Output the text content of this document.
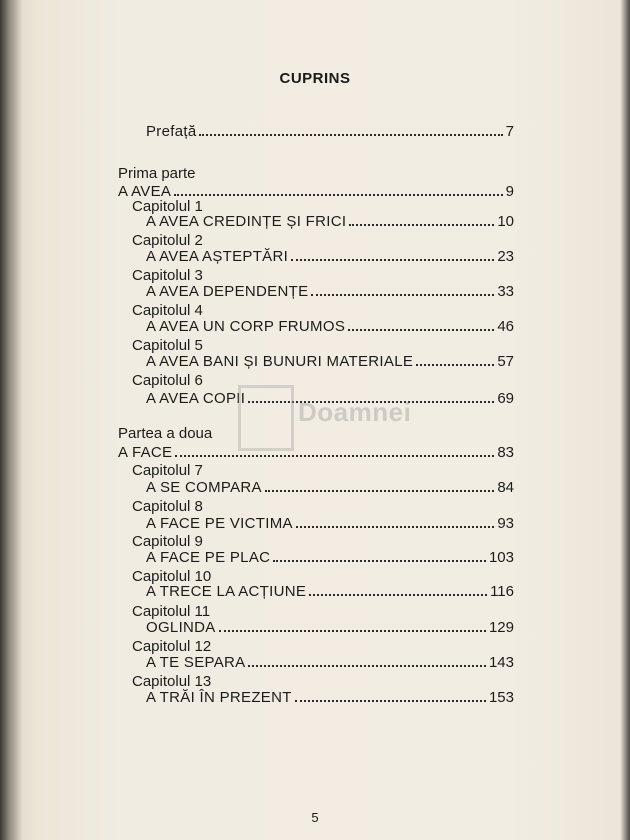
CUPRINS
Prefață	7
Prima parte
A AVEA	9
Capitolul 1
A AVEA CREDINȚE ȘI FRICI	10
Capitolul 2
A AVEA AȘTEPTĂRI	23
Capitolul 3
A AVEA DEPENDENȚE	33
Capitolul 4
A AVEA UN CORP FRUMOS	46
Capitolul 5
A AVEA BANI ȘI BUNURI MATERIALE	57
Capitolul 6
A AVEA COPII	69
Doamnei
Partea a doua
A FACE	83
Capitolul 7
A SE COMPARA	84
Capitolul 8
A FACE PE VICTIMA	93
Capitolul 9
A FACE PE PLAC	103
Capitolul 10
A TRECE LA ACȚIUNE	116
Capitolul 11
OGLINDA	129
Capitolul 12
A TE SEPARA	143
Capitolul 13
A TRĂI ÎN PREZENT	153
5
